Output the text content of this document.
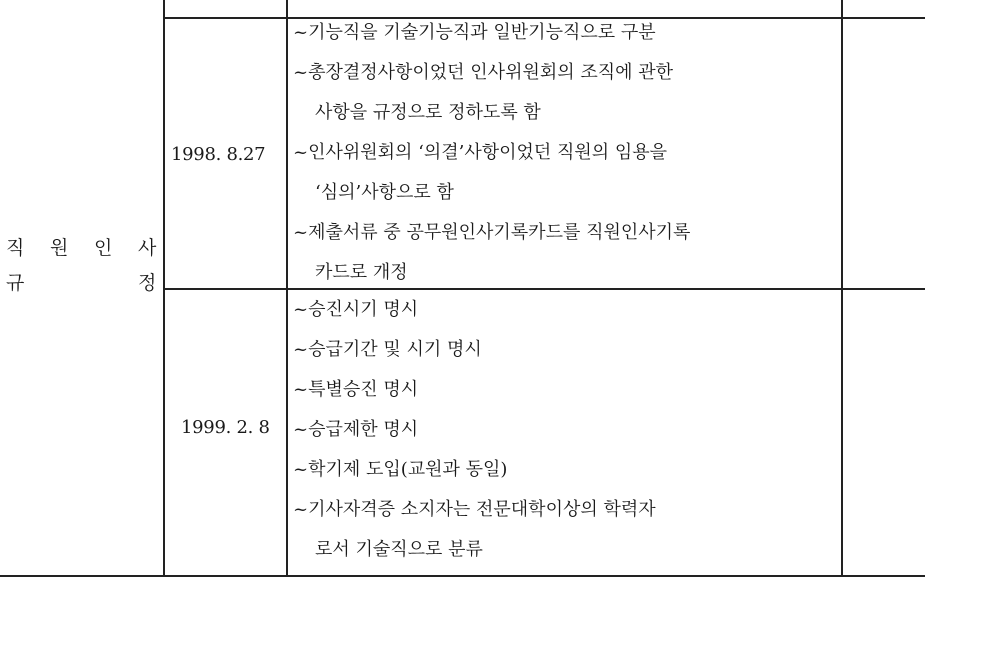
직 원 인 사
규	정
1998. 8.27
~기능직을 기술기능직과 일반기능직으로 구분
~총장결정사항이었던 인사위원회의 조직에 관한
사항을 규정으로 정하도록 함
~인사위원회의 ‘의결’사항이었던 직원의 임용을
‘심의’사항으로 함
~제출서류 중 공무원인사기록카드를 직원인사기록
카드로 개정
1999. 2. 8
~승진시기 명시
~승급기간 및 시기 명시
~특별승진 명시
~승급제한 명시
~학기제 도입(교원과 동일)
~기사자격증 소지자는 전문대학이상의 학력자
로서 기술직으로 분류
